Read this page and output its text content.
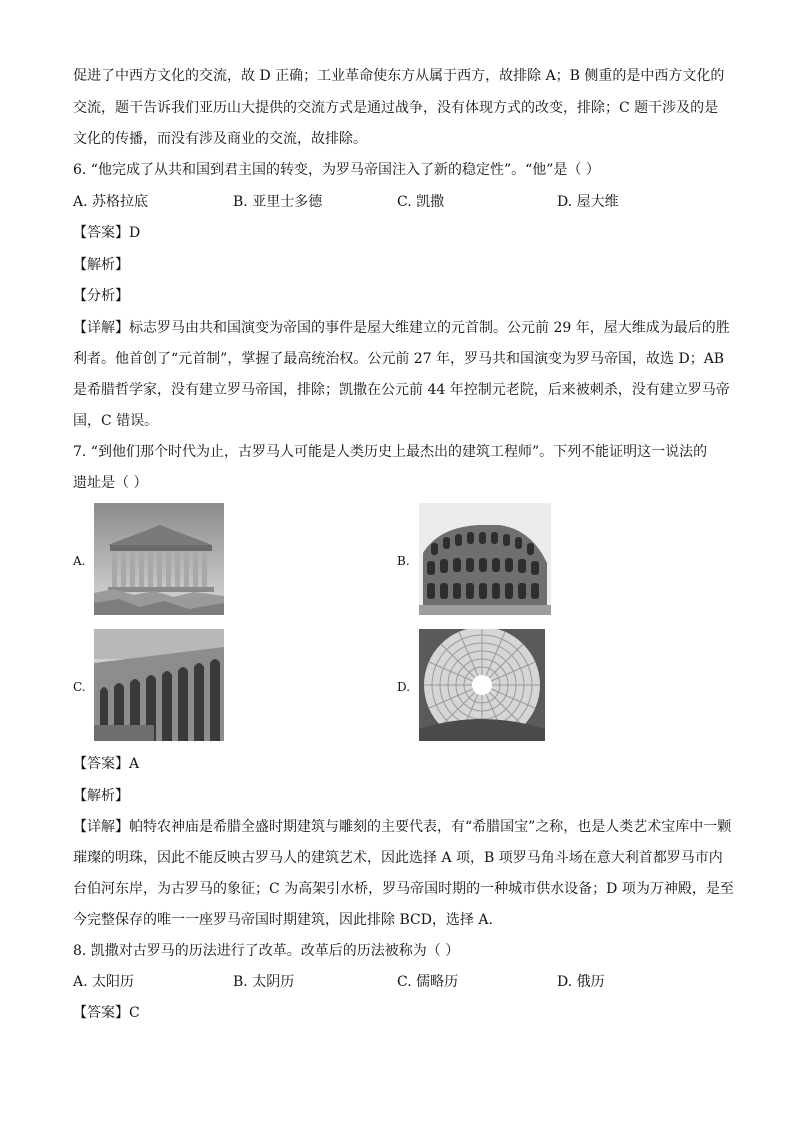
促进了中西方文化的交流，故 D 正确；工业革命使东方从属于西方，故排除 A；B 侧重的是中西方文化的
交流，题干告诉我们亚历山大提供的交流方式是通过战争，没有体现方式的改变，排除；C 题干涉及的是
文化的传播，而没有涉及商业的交流，故排除。
6. “他完成了从共和国到君主国的转变，为罗马帝国注入了新的稳定性”。“他”是（ ）
A. 苏格拉底	B. 亚里士多德	C. 凯撒	D. 屋大维
【答案】D
【解析】
【分析】
【详解】标志罗马由共和国演变为帝国的事件是屋大维建立的元首制。公元前 29 年，屋大维成为最后的胜
利者。他首创了“元首制”，掌握了最高统治权。公元前 27 年，罗马共和国演变为罗马帝国，故选 D；AB
是希腊哲学家，没有建立罗马帝国，排除；凯撒在公元前 44 年控制元老院，后来被刺杀，没有建立罗马帝
国，C 错误。
7. “到他们那个时代为止，古罗马人可能是人类历史上最杰出的建筑工程师”。下列不能证明这一说法的
遗址是（ ）
A.	B.
C.	D.
【答案】A
【解析】
【详解】帕特农神庙是希腊全盛时期建筑与雕刻的主要代表，有“希腊国宝”之称，也是人类艺术宝库中一颗
璀璨的明珠，因此不能反映古罗马人的建筑艺术，因此选择 A 项，B 项罗马角斗场在意大利首都罗马市内
台伯河东岸，为古罗马的象征；C 为高架引水桥，罗马帝国时期的一种城市供水设备；D 项为万神殿，是至
今完整保存的唯一一座罗马帝国时期建筑，因此排除 BCD，选择 A.
8. 凯撒对古罗马的历法进行了改革。改革后的历法被称为（ ）
A. 太阳历	B. 太阴历	C. 儒略历	D. 俄历
【答案】C
